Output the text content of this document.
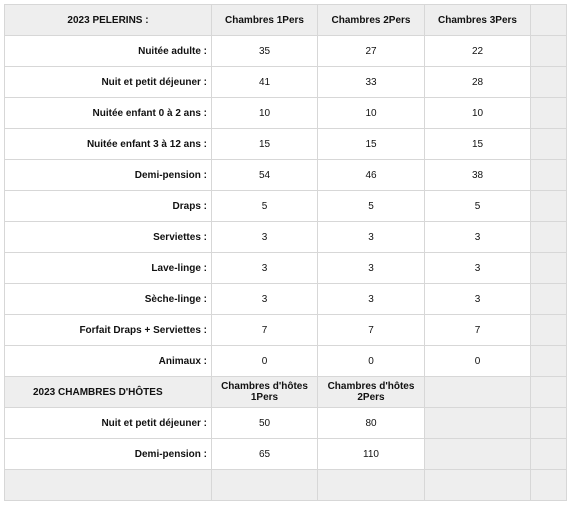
2023 PELERINS :	Chambres 1Pers	Chambres 2Pers	Chambres 3Pers	
Nuitée adulte :	35	27	22	
Nuit et petit déjeuner :	41	33	28	
Nuitée enfant 0 à 2 ans :	10	10	10	
Nuitée enfant 3 à 12 ans :	15	15	15	
Demi-pension :	54	46	38	
Draps :	5	5	5	
Serviettes :	3	3	3	
Lave-linge :	3	3	3	
Sèche-linge :	3	3	3	
Forfait Draps + Serviettes :	7	7	7	
Animaux :	0	0	0	
2023 CHAMBRES D'HÔTES	Chambres d'hôtes 1Pers	Chambres d'hôtes 2Pers		
Nuit et petit déjeuner :	50	80		
Demi-pension :	65	110		
